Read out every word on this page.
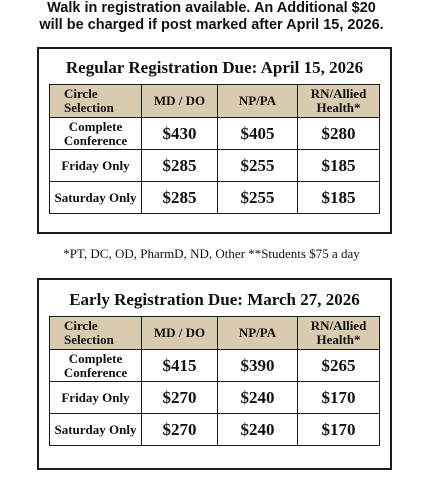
Walk in registration available. An Additional $20
will be charged if post marked after April 15, 2026.
Regular Registration Due: April 15, 2026
Circle Selection	MD / DO	NP/PA	RN/Allied Health*
Complete Conference	$430	$405	$280
Friday Only	$285	$255	$185
Saturday Only	$285	$255	$185
*PT, DC, OD, PharmD, ND, Other **Students $75 a day
Early Registration Due: March 27, 2026
Circle Selection	MD / DO	NP/PA	RN/Allied Health*
Complete Conference	$415	$390	$265
Friday Only	$270	$240	$170
Saturday Only	$270	$240	$170
